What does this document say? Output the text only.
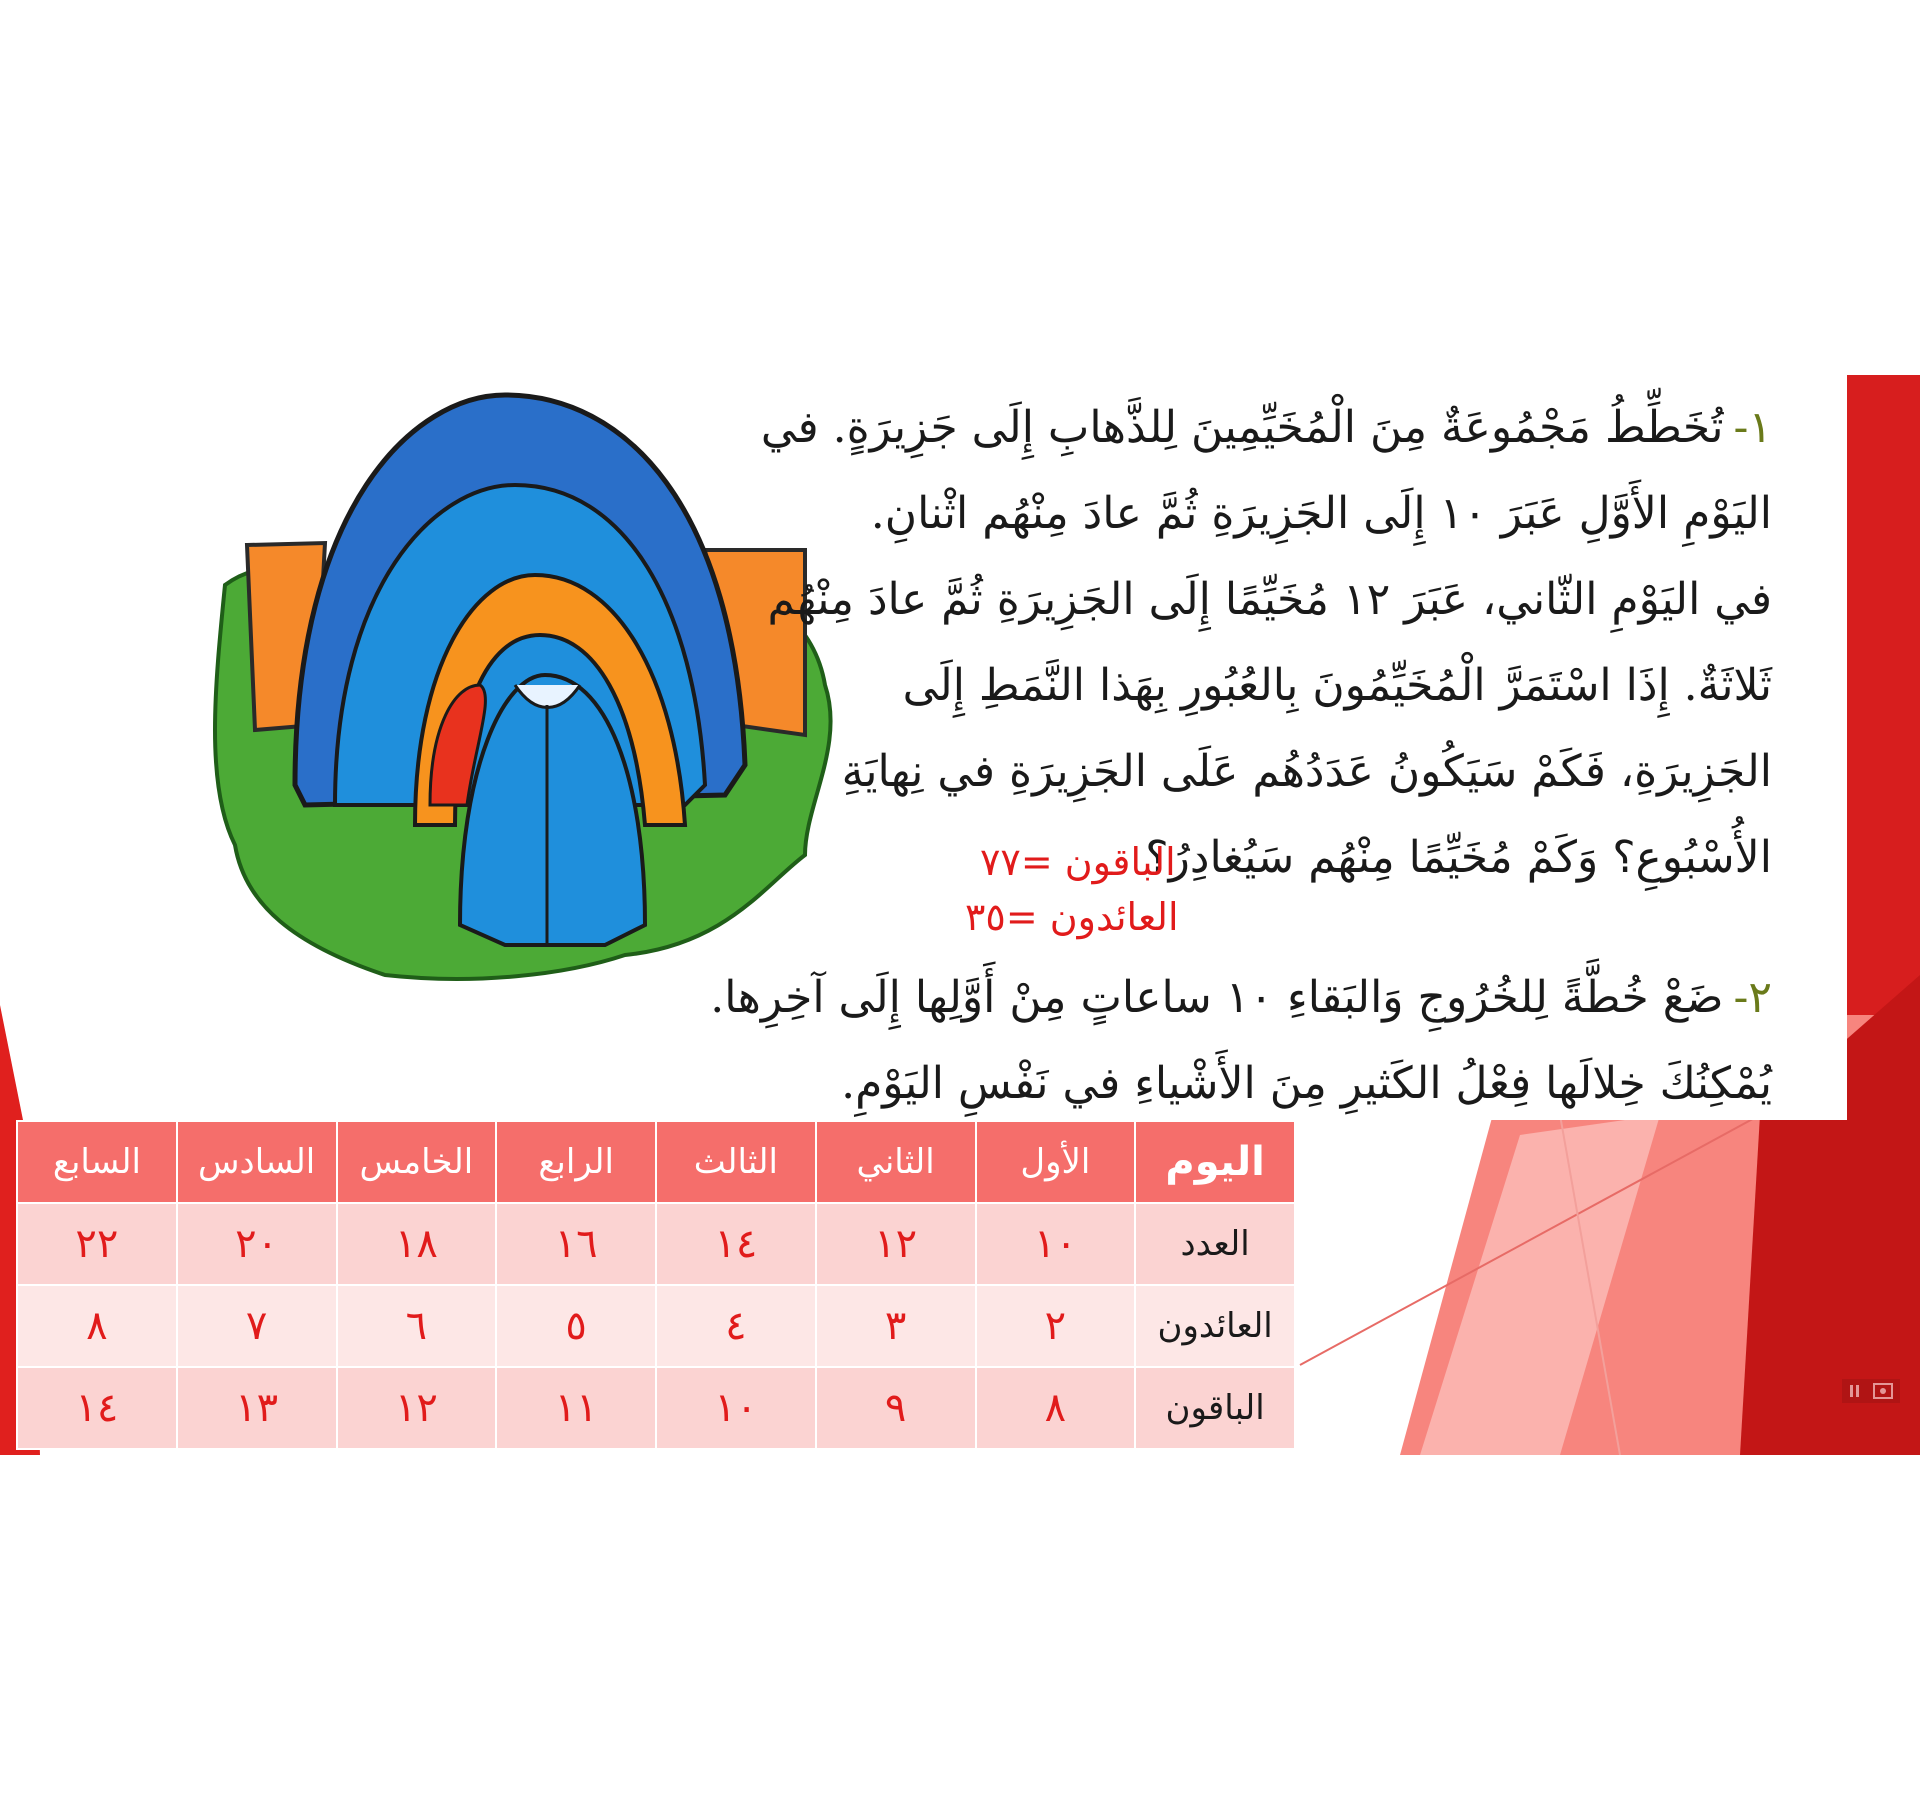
١-تُخَطِّطُ مَجْمُوعَةٌ مِنَ الْمُخَيِّمِينَ لِلذَّهابِ إِلَى جَزِيرَةٍ. في
اليَوْمِ الأَوَّلِ عَبَرَ ١٠ إِلَى الجَزِيرَةِ ثُمَّ عادَ مِنْهُم اثْنانِ.
في اليَوْمِ الثّاني، عَبَرَ ١٢ مُخَيِّمًا إِلَى الجَزِيرَةِ ثُمَّ عادَ مِنْهُم
ثَلاثَةٌ. إِذَا اسْتَمَرَّ الْمُخَيِّمُونَ بِالعُبُورِ بِهَذا النَّمَطِ إِلَى
الجَزِيرَةِ، فَكَمْ سَيَكُونُ عَدَدُهُم عَلَى الجَزِيرَةِ في نِهايَةِ
الأُسْبُوعِ؟ وَكَمْ مُخَيِّمًا مِنْهُم سَيُغادِرُ؟
الباقون =٧٧
العائدون =٣٥
٢-ضَعْ خُطَّةً لِلخُرُوجِ وَالبَقاءِ ١٠ ساعاتٍ مِنْ أَوَّلِها إِلَى آخِرِها.
يُمْكِنُكَ خِلالَها فِعْلُ الكَثيرِ مِنَ الأَشْياءِ في نَفْسِ اليَوْمِ.
اليوم	الأول	الثاني	الثالث	الرابع	الخامس	السادس	السابع
العدد	١٠	١٢	١٤	١٦	١٨	٢٠	٢٢
العائدون	٢	٣	٤	٥	٦	٧	٨
الباقون	٨	٩	١٠	١١	١٢	١٣	١٤
